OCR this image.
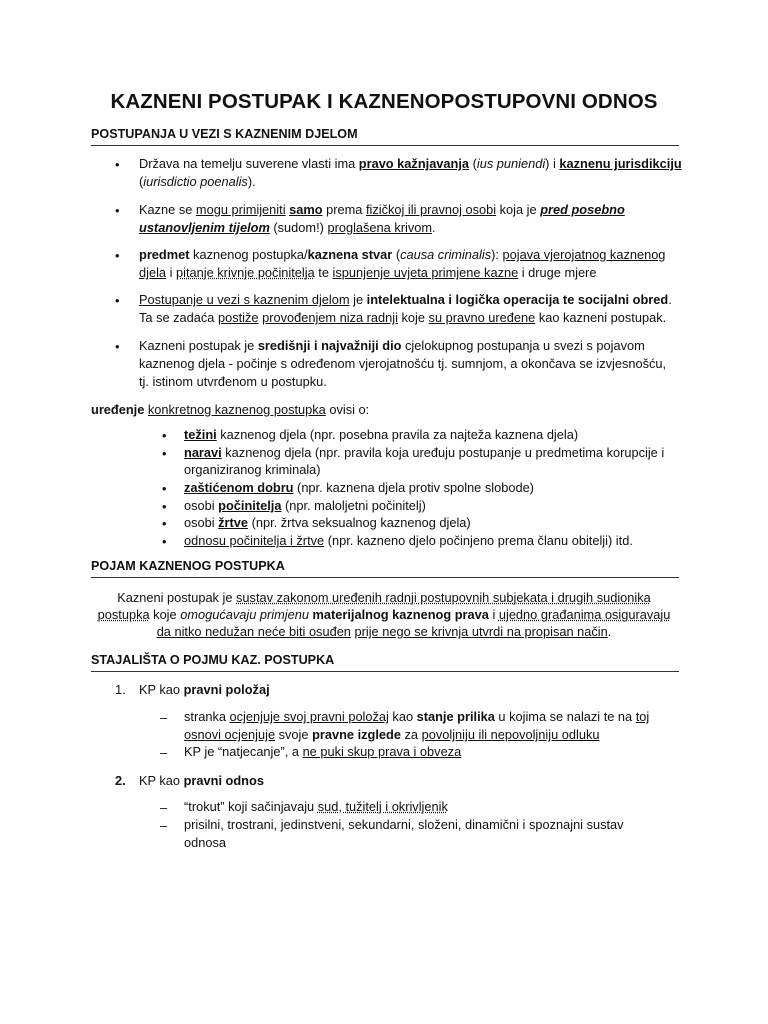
KAZNENI POSTUPAK I KAZNENOPOSTUPOVNI ODNOS
POSTUPANJA U VEZI S KAZNENIM DJELOM
• Država na temelju suverene vlasti ima pravo kažnjavanja (ius puniendi) i kaznenu jurisdikciju
(iurisdictio poenalis).
• Kazne se mogu primijeniti samo prema fizičkoj ili pravnoj osobi koja je pred posebno
ustanovljenim tijelom (sudom!) proglašena krivom.
• predmet kaznenog postupka/kaznena stvar (causa criminalis): pojava vjerojatnog kaznenog
djela i pitanje krivnje počinitelja te ispunjenje uvjeta primjene kazne i druge mjere
• Postupanje u vezi s kaznenim djelom je intelektualna i logička operacija te socijalni obred.
Ta se zadaća postiže provođenjem niza radnji koje su pravno uređene kao kazneni postupak.
• Kazneni postupak je središnji i najvažniji dio cjelokupnog postupanja u svezi s pojavom
kaznenog djela - počinje s određenom vjerojatnošću tj. sumnjom, a okončava se izvjesnošću,
tj. istinom utvrđenom u postupku.
uređenje konkretnog kaznenog postupka ovisi o:
• težini kaznenog djela (npr. posebna pravila za najteža kaznena djela)
• naravi kaznenog djela (npr. pravila koja uređuju postupanje u predmetima korupcije i
organiziranog kriminala)
• zaštićenom dobru (npr. kaznena djela protiv spolne slobode)
• osobi počinitelja (npr. maloljetni počinitelj)
• osobi žrtve (npr. žrtva seksualnog kaznenog djela)
• odnosu počinitelja i žrtve (npr. kazneno djelo počinjeno prema članu obitelji) itd.
POJAM KAZNENOG POSTUPKA
Kazneni postupak je sustav zakonom uređenih radnji postupovnih subjekata i drugih sudionika
postupka koje omogućavaju primjenu materijalnog kaznenog prava i ujedno građanima osiguravaju
da nitko nedužan neće biti osuđen prije nego se krivnja utvrdi na propisan način.
STAJALIŠTA O POJMU KAZ. POSTUPKA
1. KP kao pravni položaj
– stranka ocjenjuje svoj pravni položaj kao stanje prilika u kojima se nalazi te na toj
osnovi ocjenjuje svoje pravne izglede za povoljniju ili nepovoljniju odluku
– KP je “natjecanje”, a ne puki skup prava i obveza
2. KP kao pravni odnos
– “trokut” koji sačinjavaju sud, tužitelj i okrivljenik
– prisilni, trostrani, jedinstveni, sekundarni, složeni, dinamični i spoznajni sustav
odnosa
